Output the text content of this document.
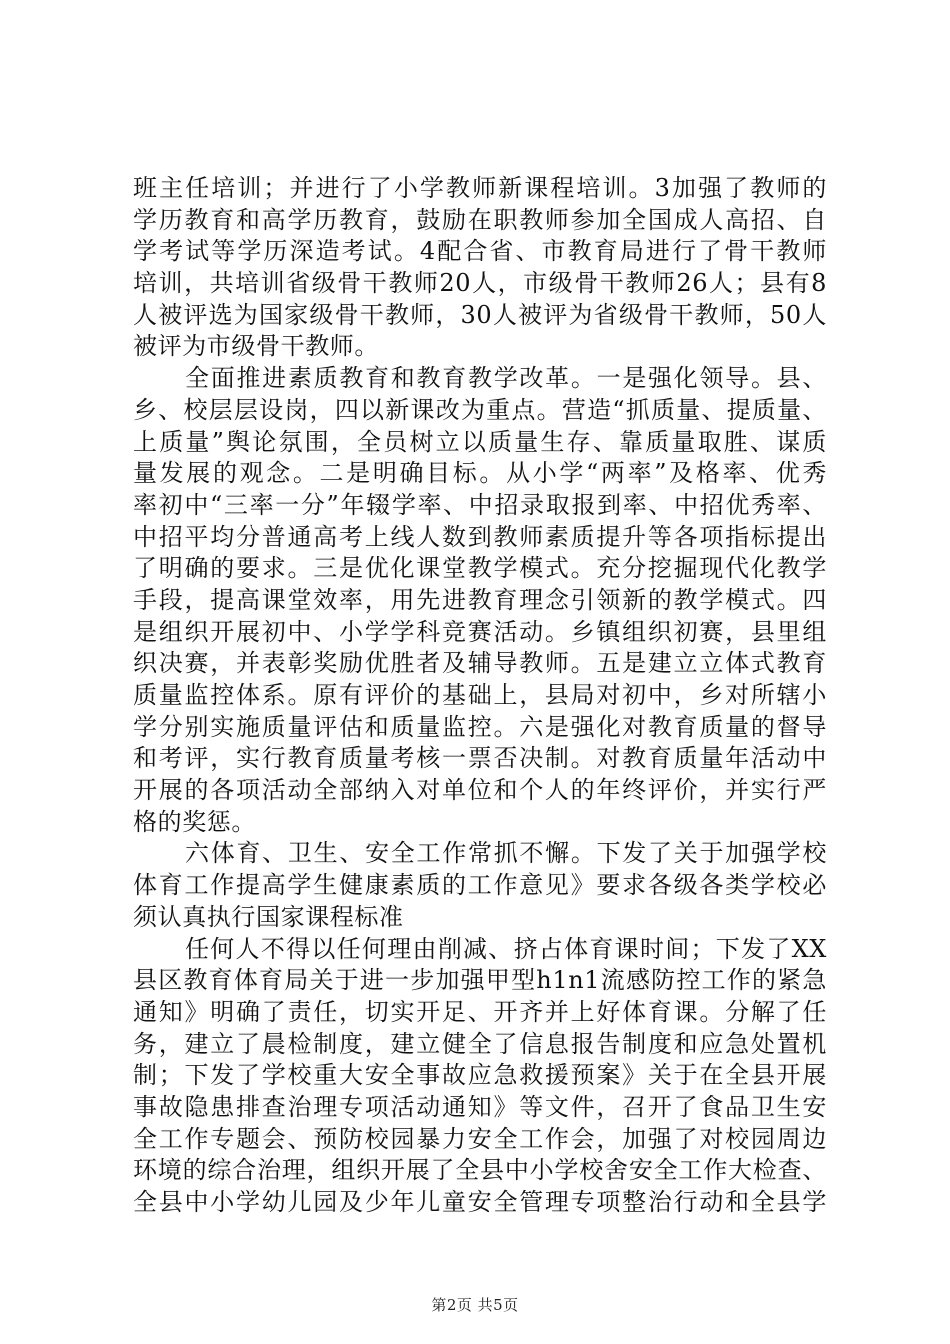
班主任培训；并进行了小学教师新课程培训。3加强了教师的
学历教育和高学历教育，鼓励在职教师参加全国成人高招、自
学考试等学历深造考试。4配合省、市教育局进行了骨干教师
培训，共培训省级骨干教师20人，市级骨干教师26人；县有8
人被评选为国家级骨干教师，30人被评为省级骨干教师，50人
被评为市级骨干教师。
全面推进素质教育和教育教学改革。一是强化领导。县、
乡、校层层设岗，四以新课改为重点。营造“抓质量、提质量、
上质量”舆论氛围，全员树立以质量生存、靠质量取胜、谋质
量发展的观念。二是明确目标。从小学“两率”及格率、优秀
率初中“三率一分”年辍学率、中招录取报到率、中招优秀率、
中招平均分普通高考上线人数到教师素质提升等各项指标提出
了明确的要求。三是优化课堂教学模式。充分挖掘现代化教学
手段，提高课堂效率，用先进教育理念引领新的教学模式。四
是组织开展初中、小学学科竞赛活动。乡镇组织初赛，县里组
织决赛，并表彰奖励优胜者及辅导教师。五是建立立体式教育
质量监控体系。原有评价的基础上，县局对初中，乡对所辖小
学分别实施质量评估和质量监控。六是强化对教育质量的督导
和考评，实行教育质量考核一票否决制。对教育质量年活动中
开展的各项活动全部纳入对单位和个人的年终评价，并实行严
格的奖惩。
六体育、卫生、安全工作常抓不懈。下发了关于加强学校
体育工作提高学生健康素质的工作意见》要求各级各类学校必
须认真执行国家课程标准
任何人不得以任何理由削减、挤占体育课时间；下发了XX
县区教育体育局关于进一步加强甲型h1n1流感防控工作的紧急
通知》明确了责任，切实开足、开齐并上好体育课。分解了任
务，建立了晨检制度，建立健全了信息报告制度和应急处置机
制；下发了学校重大安全事故应急救援预案》关于在全县开展
事故隐患排查治理专项活动通知》等文件，召开了食品卫生安
全工作专题会、预防校园暴力安全工作会，加强了对校园周边
环境的综合治理，组织开展了全县中小学校舍安全工作大检查、
全县中小学幼儿园及少年儿童安全管理专项整治行动和全县学
第2页 共5页
